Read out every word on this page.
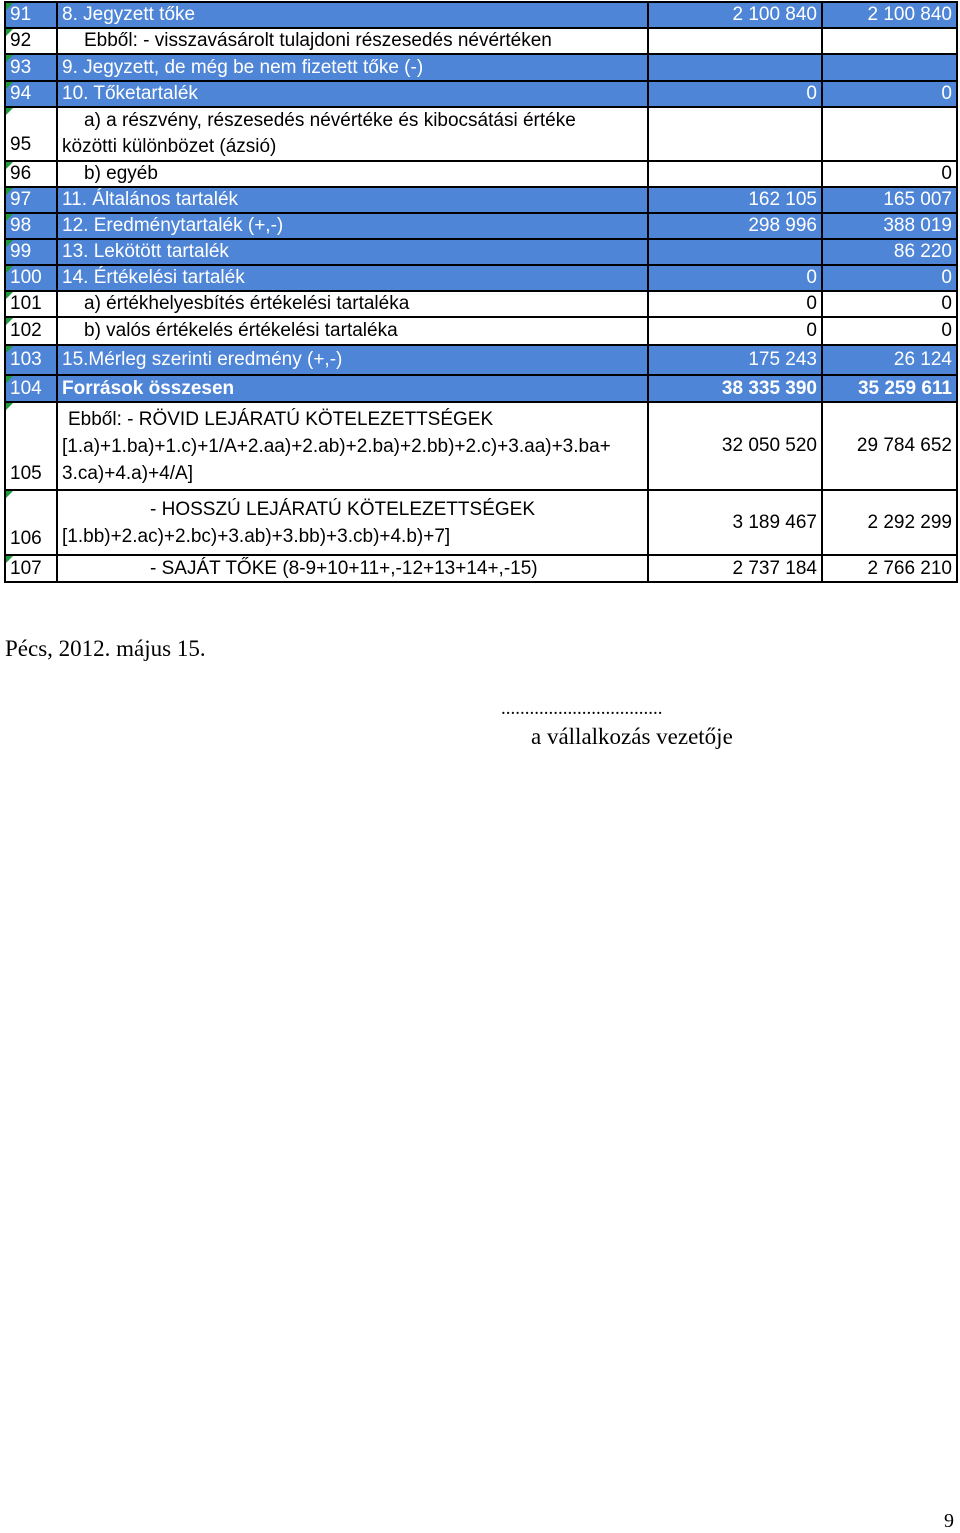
91	8. Jegyzett tőke	2 100 840	2 100 840

92	Ebből: - visszavásárolt tulajdoni részesedés névértéken		

93	9. Jegyzett, de még be nem fizetett tőke (-)		

94	10. Tőketartalék	0	0

95	a) a részvény, részesedés névértéke és kibocsátási értéke
közötti különbözet (ázsió)		

96	b) egyéb		0

97	11. Általános tartalék	162 105	165 007

98	12. Eredménytartalék (+,-)	298 996	388 019

99	13. Lekötött tartalék		86 220

100	14. Értékelési tartalék	0	0

101	a) értékhelyesbítés értékelési tartaléka	0	0

102	b) valós értékelés értékelési tartaléka	0	0

103	15.Mérleg szerinti eredmény (+,-)	175 243	26 124

104	Források összesen	38 335 390	35 259 611

105	Ebből: - RÖVID LEJÁRATÚ KÖTELEZETTSÉGEK
[1.a)+1.ba)+1.c)+1/A+2.aa)+2.ab)+2.ba)+2.bb)+2.c)+3.aa)+3.ba+
3.ca)+4.a)+4/A]	32 050 520	29 784 652

106	- HOSSZÚ LEJÁRATÚ KÖTELEZETTSÉGEK
[1.bb)+2.ac)+2.bc)+3.ab)+3.bb)+3.cb)+4.b)+7]	3 189 467	2 292 299

107	- SAJÁT TŐKE (8-9+10+11+,-12+13+14+,-15)	2 737 184	2 766 210
Pécs, 2012. május 15.
..................................
a vállalkozás vezetője
9
